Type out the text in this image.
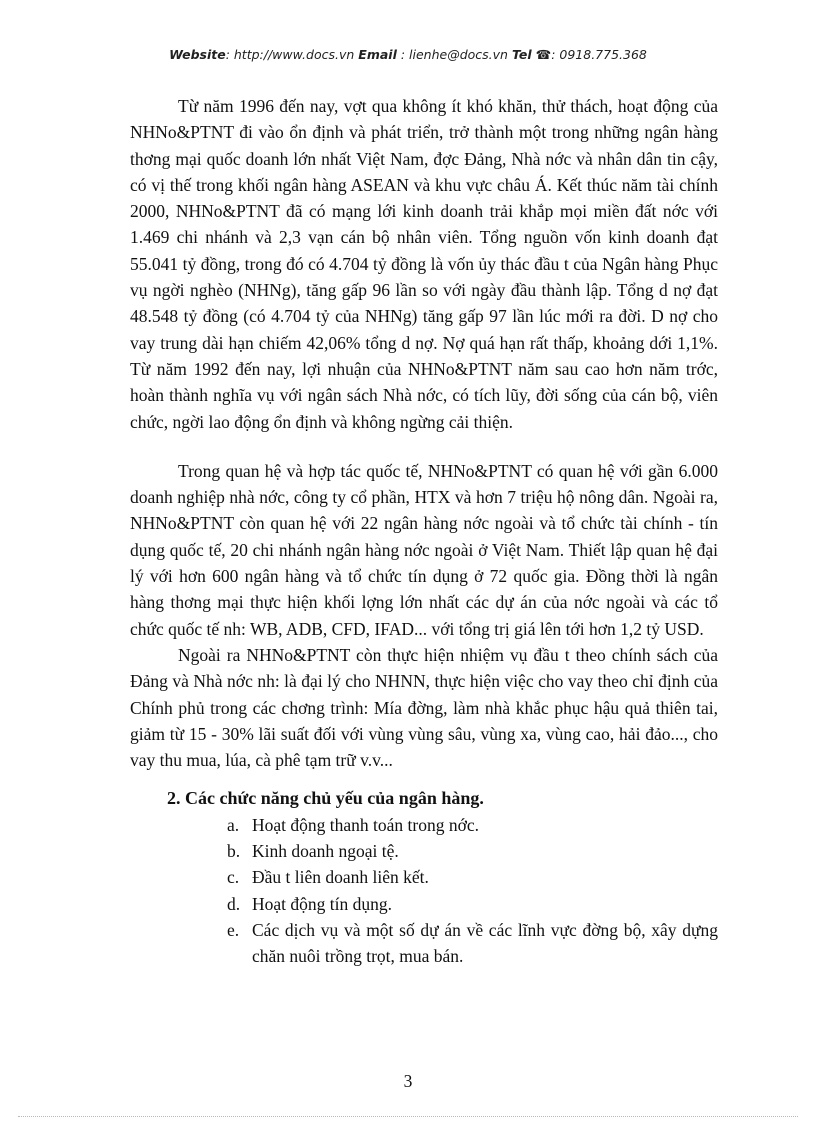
Website: http://www.docs.vn Email : lienhe@docs.vn Tel ☎: 0918.775.368

Từ năm 1996 đến nay, vợt qua không ít khó khăn, thử thách, hoạt động của NHNo&PTNT đi vào ổn định và phát triển, trở thành một trong những ngân hàng thơng mại quốc doanh lớn nhất Việt Nam, đợc Đảng, Nhà nớc và nhân dân tin cậy, có vị thế trong khối ngân hàng ASEAN và khu vực châu Á. Kết thúc năm tài chính 2000, NHNo&PTNT đã có mạng lới kinh doanh trải khắp mọi miền đất nớc với 1.469 chi nhánh và 2,3 vạn cán bộ nhân viên. Tổng nguồn vốn kinh doanh đạt 55.041 tỷ đồng, trong đó có 4.704 tỷ đồng là vốn ủy thác đầu t của Ngân hàng Phục vụ ngời nghèo (NHNg), tăng gấp 96 lần so với ngày đầu thành lập. Tổng d nợ đạt 48.548 tỷ đồng (có 4.704 tỷ của NHNg) tăng gấp 97 lần lúc mới ra đời. D nợ cho vay trung dài hạn chiếm 42,06% tổng d nợ. Nợ quá hạn rất thấp, khoảng dới 1,1%. Từ năm 1992 đến nay, lợi nhuận của NHNo&PTNT năm sau cao hơn năm trớc, hoàn thành nghĩa vụ với ngân sách Nhà nớc, có tích lũy, đời sống của cán bộ, viên chức, ngời lao động ổn định và không ngừng cải thiện.

Trong quan hệ và hợp tác quốc tế, NHNo&PTNT có quan hệ với gần 6.000 doanh nghiệp nhà nớc, công ty cổ phần, HTX và hơn 7 triệu hộ nông dân. Ngoài ra, NHNo&PTNT còn quan hệ với 22 ngân hàng nớc ngoài và tổ chức tài chính - tín dụng quốc tế, 20 chi nhánh ngân hàng nớc ngoài ở Việt Nam. Thiết lập quan hệ đại lý với hơn 600 ngân hàng và tổ chức tín dụng ở 72 quốc gia. Đồng thời là ngân hàng thơng mại thực hiện khối lợng lớn nhất các dự án của nớc ngoài và các tổ chức quốc tế nh: WB, ADB, CFD, IFAD... với tổng trị giá lên tới hơn 1,2 tỷ USD.

Ngoài ra NHNo&PTNT còn thực hiện nhiệm vụ đầu t theo chính sách của Đảng và Nhà nớc nh: là đại lý cho NHNN, thực hiện việc cho vay theo chỉ định của Chính phủ trong các chơng trình: Mía đờng, làm nhà khắc phục hậu quả thiên tai, giảm từ 15 - 30% lãi suất đối với vùng vùng sâu, vùng xa, vùng cao, hải đảo..., cho vay thu mua, lúa, cà phê tạm trữ v.v...

2. Các chức năng chủ yếu của ngân hàng.

a. Hoạt động thanh toán trong nớc.
b. Kinh doanh ngoại tệ.
c. Đầu t liên doanh liên kết.
d. Hoạt động tín dụng.
e. Các dịch vụ và một số dự án về các lĩnh vực đờng bộ, xây dựng chăn nuôi trồng trọt, mua bán.
3
